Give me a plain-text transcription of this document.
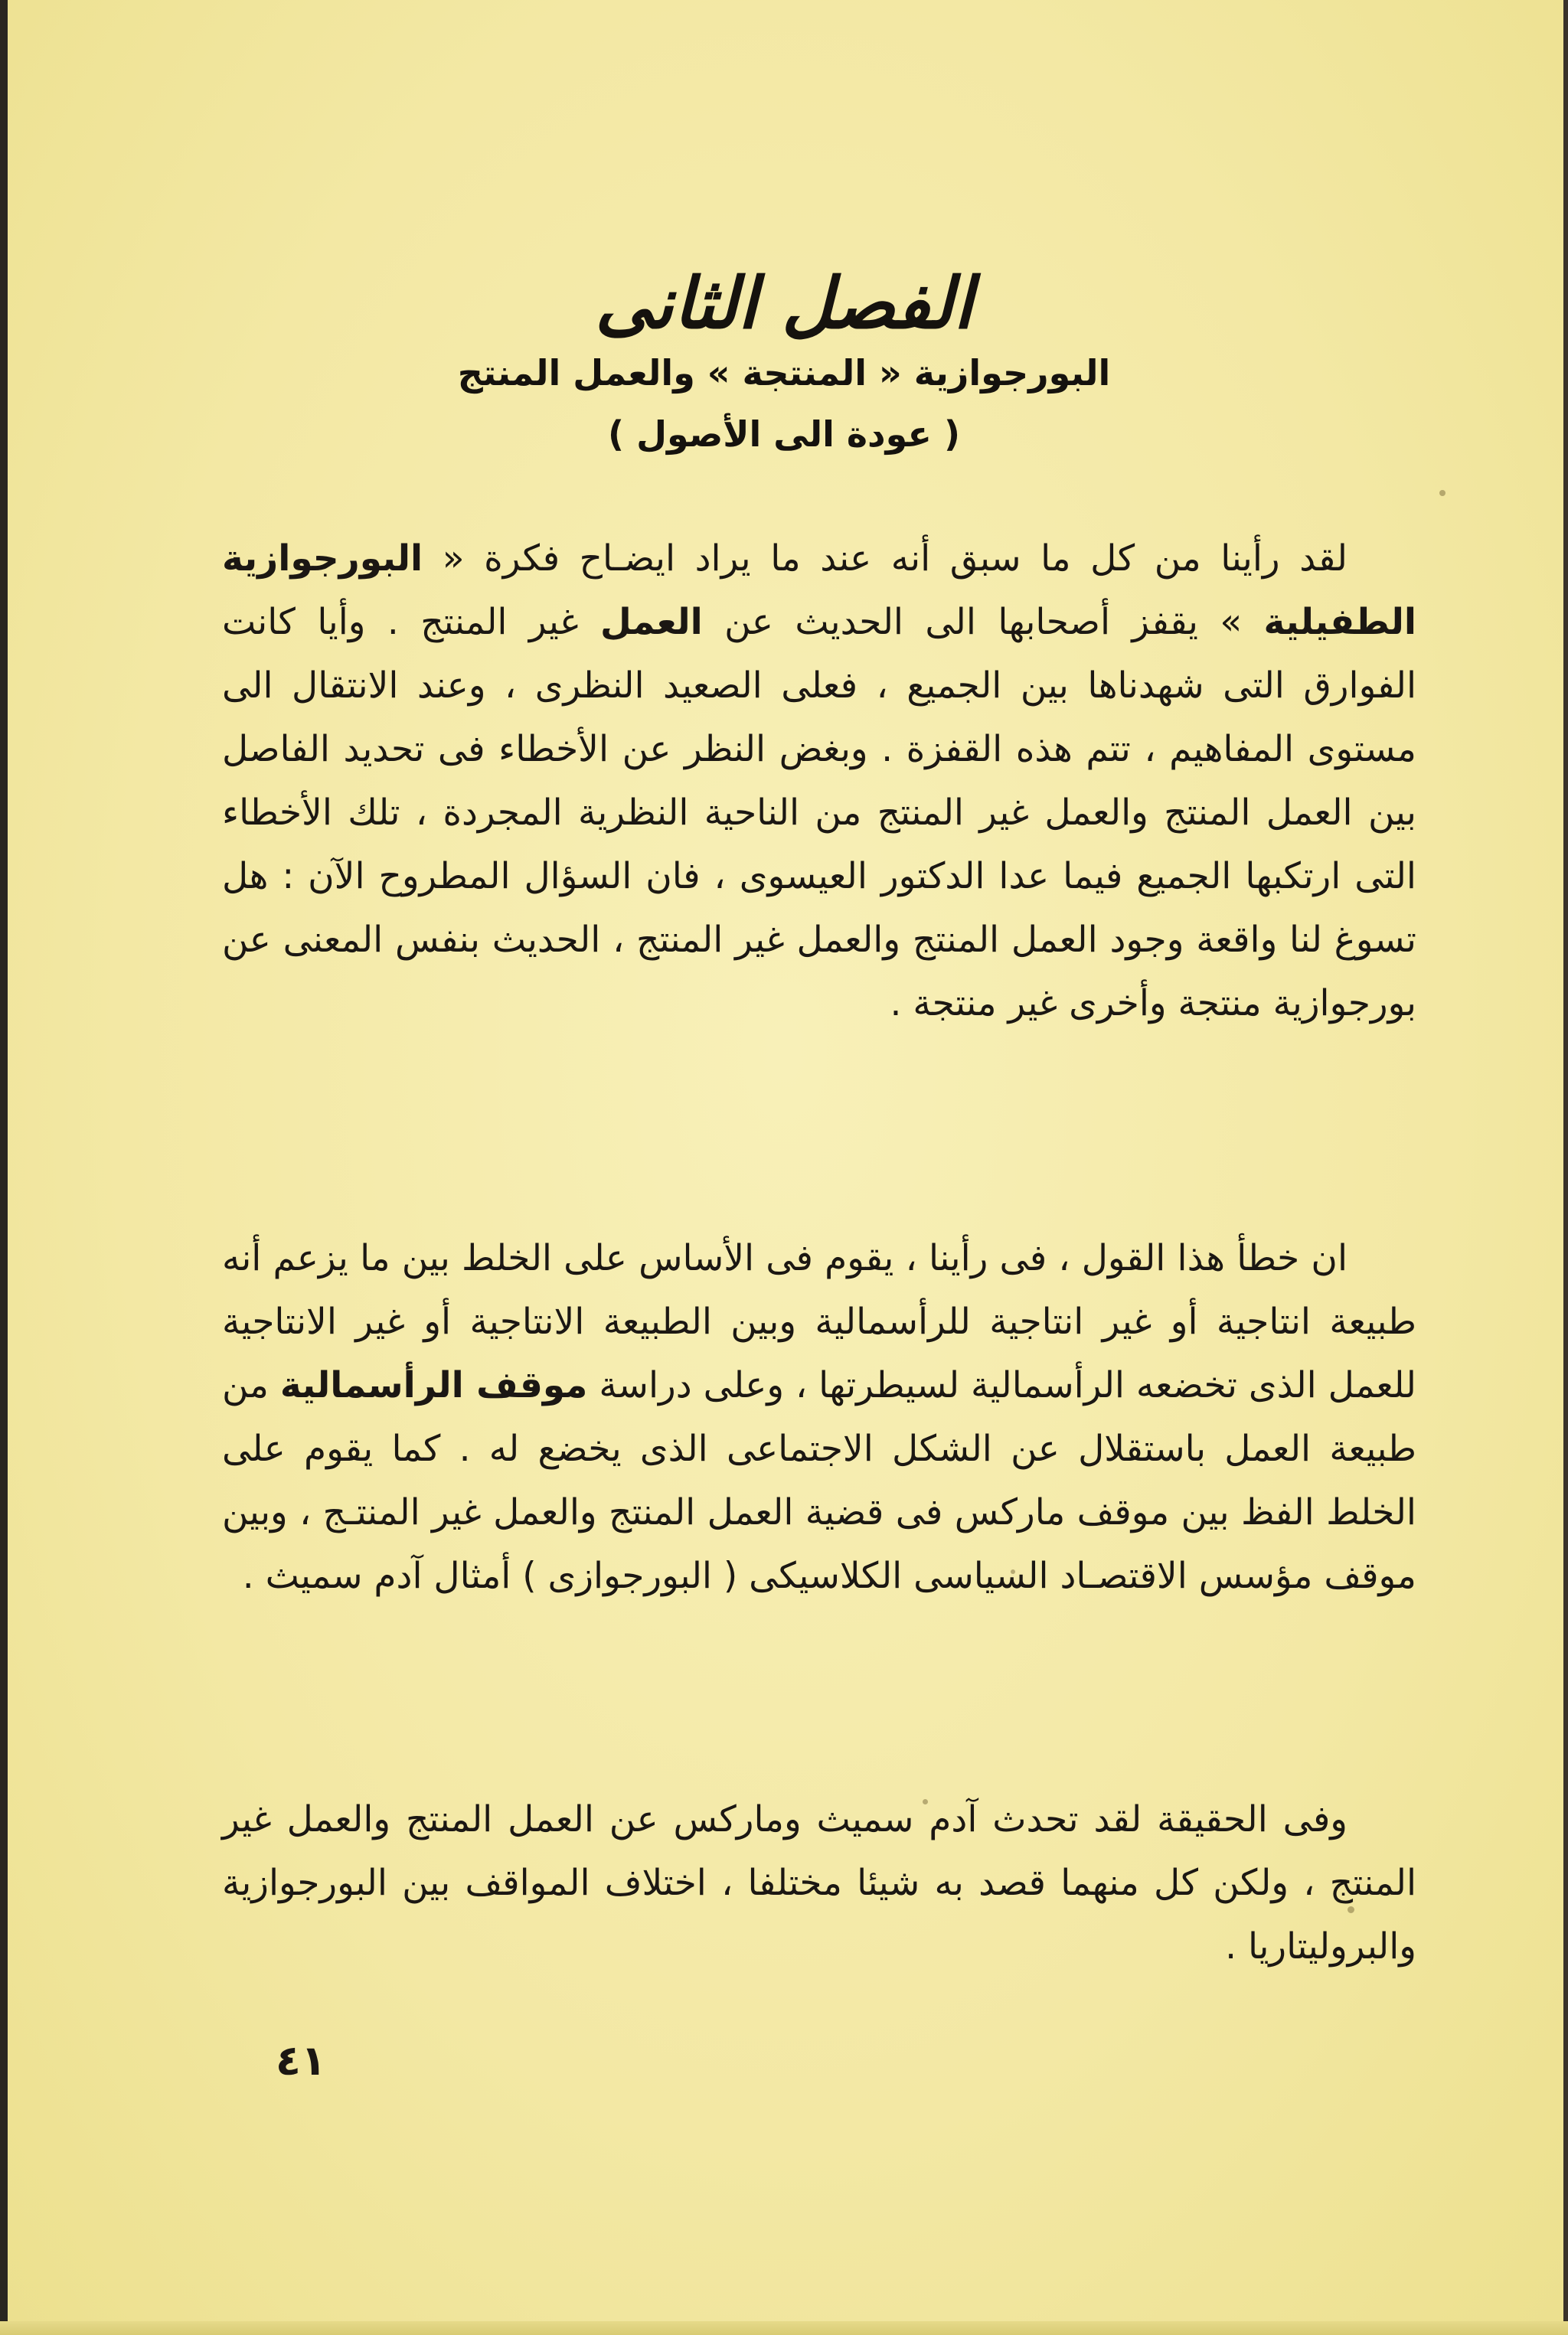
الفصل الثانى
البورجوازية « المنتجة » والعمل المنتج
( عودة الى الأصول )
لقد رأينا من كل ما سبق أنه عند ما يراد ايضـاح فكرة « البورجوازية الطفيلية » يقفز أصحابها الى الحديث عن العمل غير المنتج . وأيا كانت الفوارق التى شهدناها بين الجميع ، فعلى الصعيد النظرى ، وعند الانتقال الى مستوى المفاهيم ، تتم هذه القفزة . وبغض النظر عن الأخطاء فى تحديد الفاصل بين العمل المنتج والعمل غير المنتج من الناحية النظرية المجردة ، تلك الأخطاء التى ارتكبها الجميع فيما عدا الدكتور العيسوى ، فان السؤال المطروح الآن : هل تسوغ لنا واقعة وجود العمل المنتج والعمل غير المنتج ، الحديث بنفس المعنى عن بورجوازية منتجة وأخرى غير منتجة .
ان خطأ هذا القول ، فى رأينا ، يقوم فى الأساس على الخلط بين ما يزعم أنه طبيعة انتاجية أو غير انتاجية للرأسمالية وبين الطبيعة الانتاجية أو غير الانتاجية للعمل الذى تخضعه الرأسمالية لسيطرتها ، وعلى دراسة موقف الرأسمالية من طبيعة العمل باستقلال عن الشكل الاجتماعى الذى يخضع له . كما يقوم على الخلط الفظ بين موقف ماركس فى قضية العمل المنتج والعمل غير المنتـج ، وبين موقف مؤسس الاقتصـاد السياسى الكلاسيكى ( البورجوازى ) أمثال آدم سميث .
وفى الحقيقة لقد تحدث آدم سميث وماركس عن العمل المنتج والعمل غير المنتج ، ولكن كل منهما قصد به شيئا مختلفا ، اختلاف المواقف بين البورجوازية والبروليتاريا .
٤١
